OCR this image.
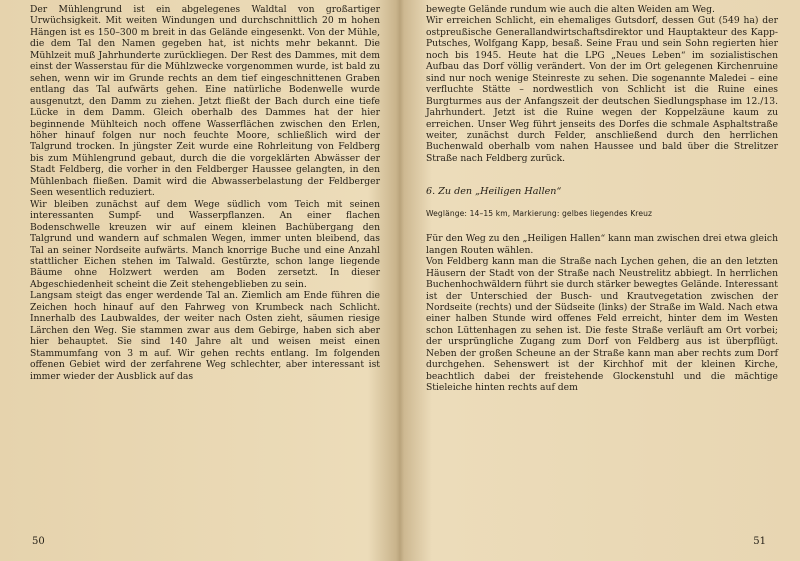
Der Mühlengrund ist ein abgelegenes Waldtal von großartiger Urwüchsigkeit. Mit weiten Windungen und durchschnittlich 20 m hohen Hängen ist es 150–300 m breit in das Gelände eingesenkt. Von der Mühle, die dem Tal den Namen gegeben hat, ist nichts mehr bekannt. Die Mühlzeit muß Jahrhunderte zurückliegen. Der Rest des Dammes, mit dem einst der Wasserstau für die Mühlzwecke vorgenommen wurde, ist bald zu sehen, wenn wir im Grunde rechts an dem tief eingeschnittenen Graben entlang das Tal aufwärts gehen. Eine natürliche Bodenwelle wurde ausgenutzt, den Damm zu ziehen. Jetzt fließt der Bach durch eine tiefe Lücke in dem Damm. Gleich oberhalb des Dammes hat der hier beginnende Mühlteich noch offene Wasserflächen zwischen den Erlen, höher hinauf folgen nur noch feuchte Moore, schließlich wird der Talgrund trocken. In jüngster Zeit wurde eine Rohrleitung von Feldberg bis zum Mühlengrund gebaut, durch die die vorgeklärten Abwässer der Stadt Feldberg, die vorher in den Feldberger Haussee gelangten, in den Mühlenbach fließen. Damit wird die Abwasserbelastung der Feldberger Seen wesentlich reduziert.

Wir bleiben zunächst auf dem Wege südlich vom Teich mit seinen interessanten Sumpf- und Wasserpflanzen. An einer flachen Bodenschwelle kreuzen wir auf einem kleinen Bachübergang den Talgrund und wandern auf schmalen Wegen, immer unten bleibend, das Tal an seiner Nordseite aufwärts. Manch knorrige Buche und eine Anzahl stattlicher Eichen stehen im Talwald. Gestürzte, schon lange liegende Bäume ohne Holzwert werden am Boden zersetzt. In dieser Abgeschiedenheit scheint die Zeit stehengeblieben zu sein.

Langsam steigt das enger werdende Tal an. Ziemlich am Ende führen die Zeichen hoch hinauf auf den Fahrweg von Krumbeck nach Schlicht. Innerhalb des Laubwaldes, der weiter nach Osten zieht, säumen riesige Lärchen den Weg. Sie stammen zwar aus dem Gebirge, haben sich aber hier behauptet. Sie sind 140 Jahre alt und weisen meist einen Stammumfang von 3 m auf. Wir gehen rechts entlang. Im folgenden offenen Gebiet wird der zerfahrene Weg schlechter, aber interessant ist immer wieder der Ausblick auf das

50

bewegte Gelände rundum wie auch die alten Weiden am Weg.

Wir erreichen Schlicht, ein ehemaliges Gutsdorf, dessen Gut (549 ha) der ostpreußische Generallandwirtschaftsdirektor und Hauptakteur des Kapp-Putsches, Wolfgang Kapp, besaß. Seine Frau und sein Sohn regierten hier noch bis 1945. Heute hat die LPG „Neues Leben“ im sozialistischen Aufbau das Dorf völlig verändert. Von der im Ort gelegenen Kirchenruine sind nur noch wenige Steinreste zu sehen. Die sogenannte Maledei – eine verfluchte Stätte – nordwestlich von Schlicht ist die Ruine eines Burgturmes aus der Anfangszeit der deutschen Siedlungsphase im 12./13. Jahrhundert. Jetzt ist die Ruine wegen der Koppelzäune kaum zu erreichen. Unser Weg führt jenseits des Dorfes die schmale Asphaltstraße weiter, zunächst durch Felder, anschließend durch den herrlichen Buchenwald oberhalb vom nahen Haussee und bald über die Strelitzer Straße nach Feldberg zurück.

6. Zu den „Heiligen Hallen“

Weglänge: 14–15 km, Markierung: gelbes liegendes Kreuz

Für den Weg zu den „Heiligen Hallen“ kann man zwischen drei etwa gleich langen Routen wählen.

Von Feldberg kann man die Straße nach Lychen gehen, die an den letzten Häusern der Stadt von der Straße nach Neustrelitz abbiegt. In herrlichen Buchenhochwäldern führt sie durch stärker bewegtes Gelände. Interessant ist der Unterschied der Busch- und Krautvegetation zwischen der Nordseite (rechts) und der Südseite (links) der Straße im Wald. Nach etwa einer halben Stunde wird offenes Feld erreicht, hinter dem im Westen schon Lüttenhagen zu sehen ist. Die feste Straße verläuft am Ort vorbei; der ursprüngliche Zugang zum Dorf von Feldberg aus ist überpflügt. Neben der großen Scheune an der Straße kann man aber rechts zum Dorf durchgehen. Sehenswert ist der Kirchhof mit der kleinen Kirche, beachtlich dabei der freistehende Glockenstuhl und die mächtige Stieleiche hinten rechts auf dem

51
